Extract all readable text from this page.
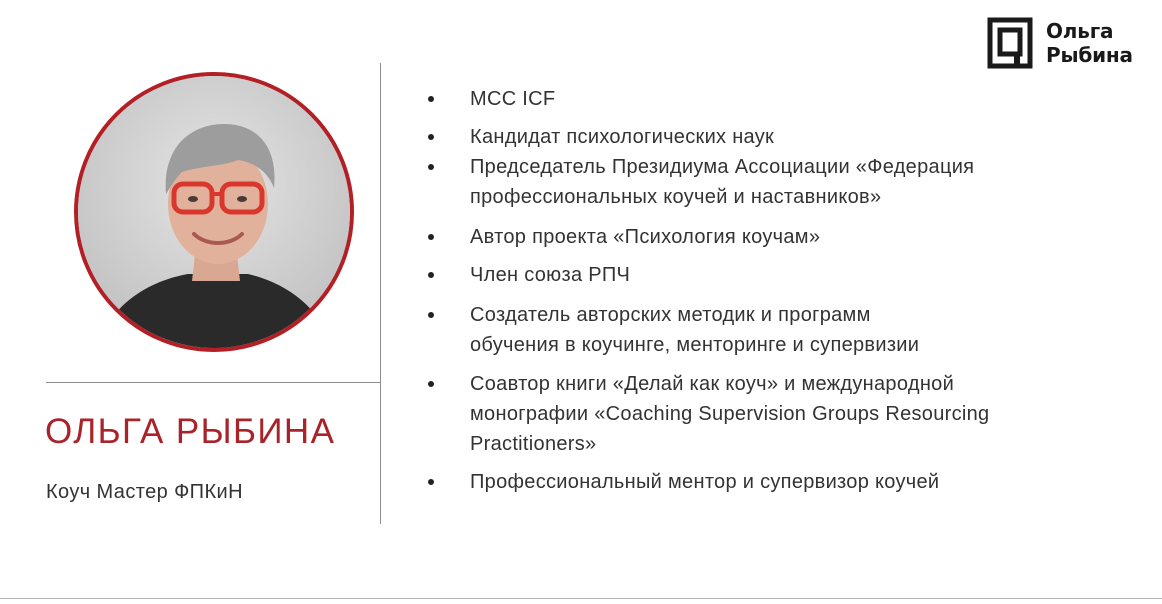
Ольга
Рыбина
ОЛЬГА РЫБИНА
Коуч Мастер ФПКиН
MCC ICF
Кандидат психологических наук
Председатель Президиума Ассоциации «Федерация
профессиональных коучей и наставников»
Автор проекта «Психология коучам»
Член союза РПЧ
Создатель авторских методик и программ
обучения в коучинге, менторинге и супервизии
Соавтор книги «Делай как коуч» и международной
монографии «Coaching Supervision Groups Resourcing
Practitioners»
Профессиональный ментор и супервизор коучей
